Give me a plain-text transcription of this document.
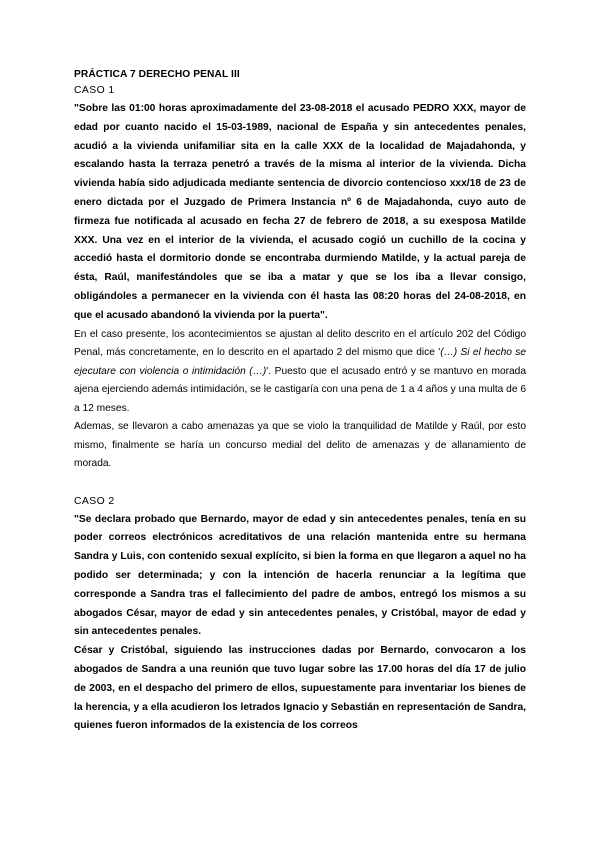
PRÁCTICA 7 DERECHO PENAL III

CASO 1

"Sobre las 01:00 horas aproximadamente del 23-08-2018 el acusado PEDRO XXX, mayor de edad por cuanto nacido el 15-03-1989, nacional de España y sin antecedentes penales, acudió a la vivienda unifamiliar sita en la calle XXX de la localidad de Majadahonda, y escalando hasta la terraza penetró a través de la misma al interior de la vivienda. Dicha vivienda había sido adjudicada mediante sentencia de divorcio contencioso xxx/18 de 23 de enero dictada por el Juzgado de Primera Instancia nº 6 de Majadahonda, cuyo auto de firmeza fue notificada al acusado en fecha 27 de febrero de 2018, a su exesposa Matilde XXX. Una vez en el interior de la vivienda, el acusado cogió un cuchillo de la cocina y accedió hasta el dormitorio donde se encontraba durmiendo Matilde, y la actual pareja de ésta, Raúl, manifestándoles que se iba a matar y que se los iba a llevar consigo, obligándoles a permanecer en la vivienda con él hasta las 08:20 horas del 24-08-2018, en que el acusado abandonó la vivienda por la puerta".

En el caso presente, los acontecimientos se ajustan al delito descrito en el artículo 202 del Código Penal, más concretamente, en lo descrito en el apartado 2 del mismo que dice '(…) Si el hecho se ejecutare con violencia o intimidación (…)'. Puesto que el acusado entró y se mantuvo en morada ajena ejerciendo además intimidación, se le castigaría con una pena de 1 a 4 años y una multa de 6 a 12 meses.

Ademas, se llevaron a cabo amenazas ya que se violo la tranquilidad de Matilde y Raúl, por esto mismo, finalmente se haría un concurso medial del delito de amenazas y de allanamiento de morada.

CASO 2

"Se declara probado que Bernardo, mayor de edad y sin antecedentes penales, tenía en su poder correos electrónicos acreditativos de una relación mantenida entre su hermana Sandra y Luis, con contenido sexual explícito, si bien la forma en que llegaron a aquel no ha podido ser determinada; y con la intención de hacerla renunciar a la legítima que corresponde a Sandra tras el fallecimiento del padre de ambos, entregó los mismos a su abogados César, mayor de edad y sin antecedentes penales, y Cristóbal, mayor de edad y sin antecedentes penales.

César y Cristóbal, siguiendo las instrucciones dadas por Bernardo, convocaron a los abogados de Sandra a una reunión que tuvo lugar sobre las 17.00 horas del día 17 de julio de 2003, en el despacho del primero de ellos, supuestamente para inventariar los bienes de la herencia, y a ella acudieron los letrados Ignacio y Sebastián en representación de Sandra, quienes fueron informados de la existencia de los correos
